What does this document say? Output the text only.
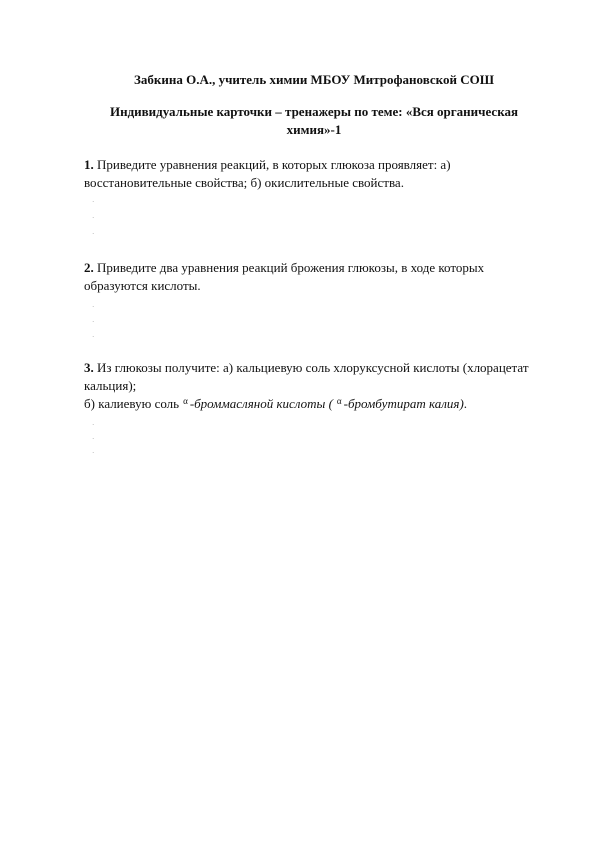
Забкина О.А., учитель химии МБОУ Митрофановской СОШ
Индивидуальные карточки – тренажеры по теме: «Вся органическая химия»-1
1. Приведите уравнения реакций, в которых глюкоза проявляет: а) восстановительные свойства; б) окислительные свойства.
·
·
·
2. Приведите два уравнения реакций брожения глюкозы, в ходе которых образуются кислоты.
·
·
·
3. Из глюкозы получите: а) кальциевую соль хлоруксусной кислоты (хлорацетат кальция);
б) калиевую соль $^\alpha$ -броммасляной кислоты ( $^\alpha$ -бромбутират калия).
·
·
·
